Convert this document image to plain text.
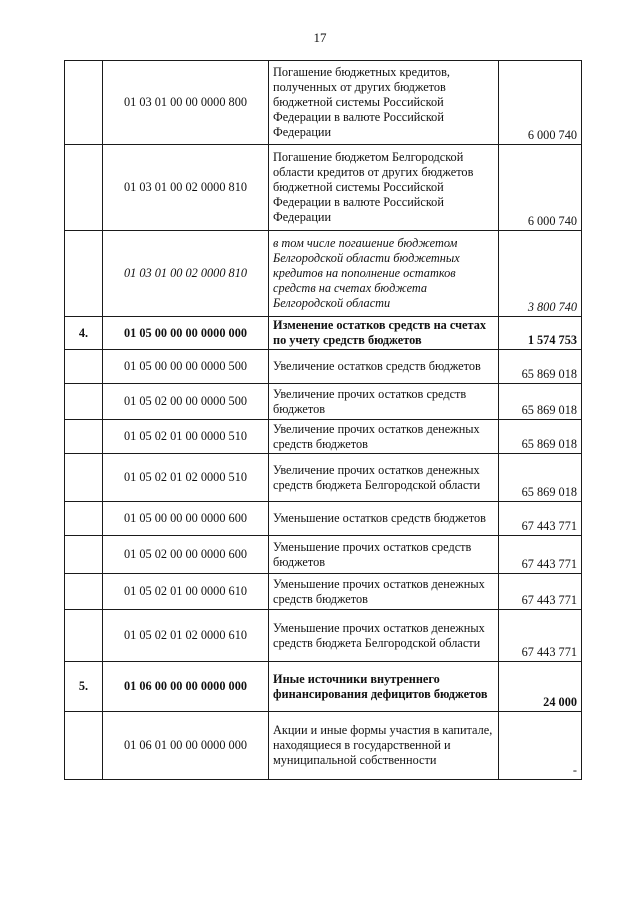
17
	01 03 01 00 00 0000 800	Погашение бюджетных кредитов, полученных от других бюджетов бюджетной системы Российской Федерации в валюте Российской Федерации	6 000 740
	01 03 01 00 02 0000 810	Погашение бюджетом Белгородской области кредитов от других бюджетов бюджетной системы Российской Федерации в валюте Российской Федерации	6 000 740
	01 03 01 00 02 0000 810	в том числе погашение бюджетом Белгородской области бюджетных кредитов на пополнение остатков средств на счетах бюджета Белгородской области	3 800 740
4.	01 05 00 00 00 0000 000	Изменение остатков средств на счетах по учету средств бюджетов	1 574 753
	01 05 00 00 00 0000 500	Увеличение остатков средств бюджетов	65 869 018
	01 05 02 00 00 0000 500	Увеличение прочих остатков средств бюджетов	65 869 018
	01 05 02 01 00 0000 510	Увеличение прочих остатков денежных средств бюджетов	65 869 018
	01 05 02 01 02 0000 510	Увеличение прочих остатков денежных средств бюджета Белгородской области	65 869 018
	01 05 00 00 00 0000 600	Уменьшение остатков средств бюджетов	67 443 771
	01 05 02 00 00 0000 600	Уменьшение прочих остатков средств бюджетов	67 443 771
	01 05 02 01 00 0000 610	Уменьшение прочих остатков денежных средств бюджетов	67 443 771
	01 05 02 01 02 0000 610	Уменьшение прочих остатков денежных средств бюджета Белгородской области	67 443 771
5.	01 06 00 00 00 0000 000	Иные источники внутреннего финансирования дефицитов бюджетов	24 000
	01 06 01 00 00 0000 000	Акции и иные формы участия в капитале, находящиеся в государственной и муниципальной собственности	-
